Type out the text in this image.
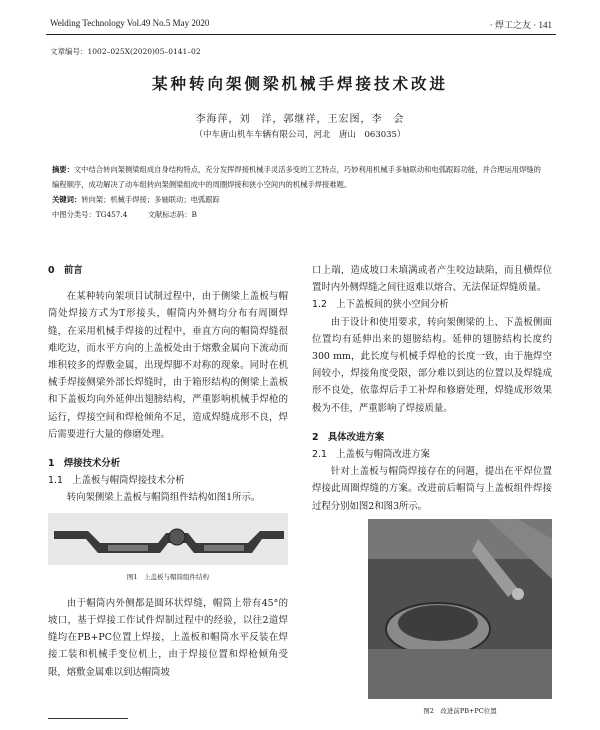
Welding Technology Vol.49 No.5 May 2020	· 焊工之友 · 141
文章编号：1002–025X(2020)05–0141–02
某种转向架侧梁机械手焊接技术改进
李海萍，刘　洋，郭继祥，王宏图，李　会
（中车唐山机车车辆有限公司，河北　唐山　063035）
摘要：文中结合转向架侧梁组成自身结构特点，充分发挥焊接机械手灵活多变的工艺特点，巧妙利用机械手多轴联动和电弧跟踪功能，并合理运用焊缝的编程顺序，成功解决了动车组转向架侧梁组成中的周圈焊接和狭小空间内的机械手焊接难题。
关键词：转向架；机械手焊接；多轴联动；电弧跟踪
中图分类号：TG457.4	文献标志码：B

0　前言

在某种转向架项目试制过程中，由于侧梁上盖板与帽筒处焊接方式为T形接头，帽筒内外侧均分布有周圈焊缝，在采用机械手焊接的过程中，垂直方向的帽筒焊缝很难吃边，而水平方向的上盖板处由于熔敷金属向下流动而堆积较多的焊敷金属，出现焊脚不对称的现象。同时在机械手焊接侧梁外部长焊缝时，由于箱形结构的侧梁上盖板和下盖板均向外延伸出翅膀结构，严重影响机械手焊枪的运行，焊接空间和焊枪倾角不足，造成焊缝成形不良，焊后需要进行大量的修磨处理。

1　焊接技术分析

1.1　上盖板与帽筒焊接技术分析

转向架侧梁上盖板与帽筒组件结构如图1所示。

图1　上盖板与帽筒组件结构

由于帽筒内外侧都是圆环状焊缝，帽筒上带有45°的坡口，基于焊接工作试件焊制过程中的经验，以往2道焊缝均在PB+PC位置上焊接，上盖板和帽筒水平反装在焊接工装和机械手变位机上，由于焊接位置和焊枪倾角受限，熔敷金属难以到达帽筒坡

口上端，造成坡口未填满或者产生咬边缺陷，而且横焊位置时内外侧焊缝之间往返难以熔合、无法保证焊缝质量。

1.2　上下盖板间的狭小空间分析

由于设计和使用要求，转向架侧梁的上、下盖板侧面位置均有延伸出来的翅膀结构。延伸的翅膀结构长度约300 mm，此长度与机械手焊枪的长度一致，由于施焊空间较小，焊接角度受限，部分难以到达的位置以及焊缝成形不良处，依靠焊后手工补焊和修磨处理，焊缝成形效果极为不佳，严重影响了焊接质量。

2　具体改进方案

2.1　上盖板与帽筒改进方案

针对上盖板与帽筒焊接存在的问题，提出在平焊位置焊接此周圈焊缝的方案。改进前后帽筒与上盖板组件焊接过程分别如图2和图3所示。

图2　改进前PB+PC位置
